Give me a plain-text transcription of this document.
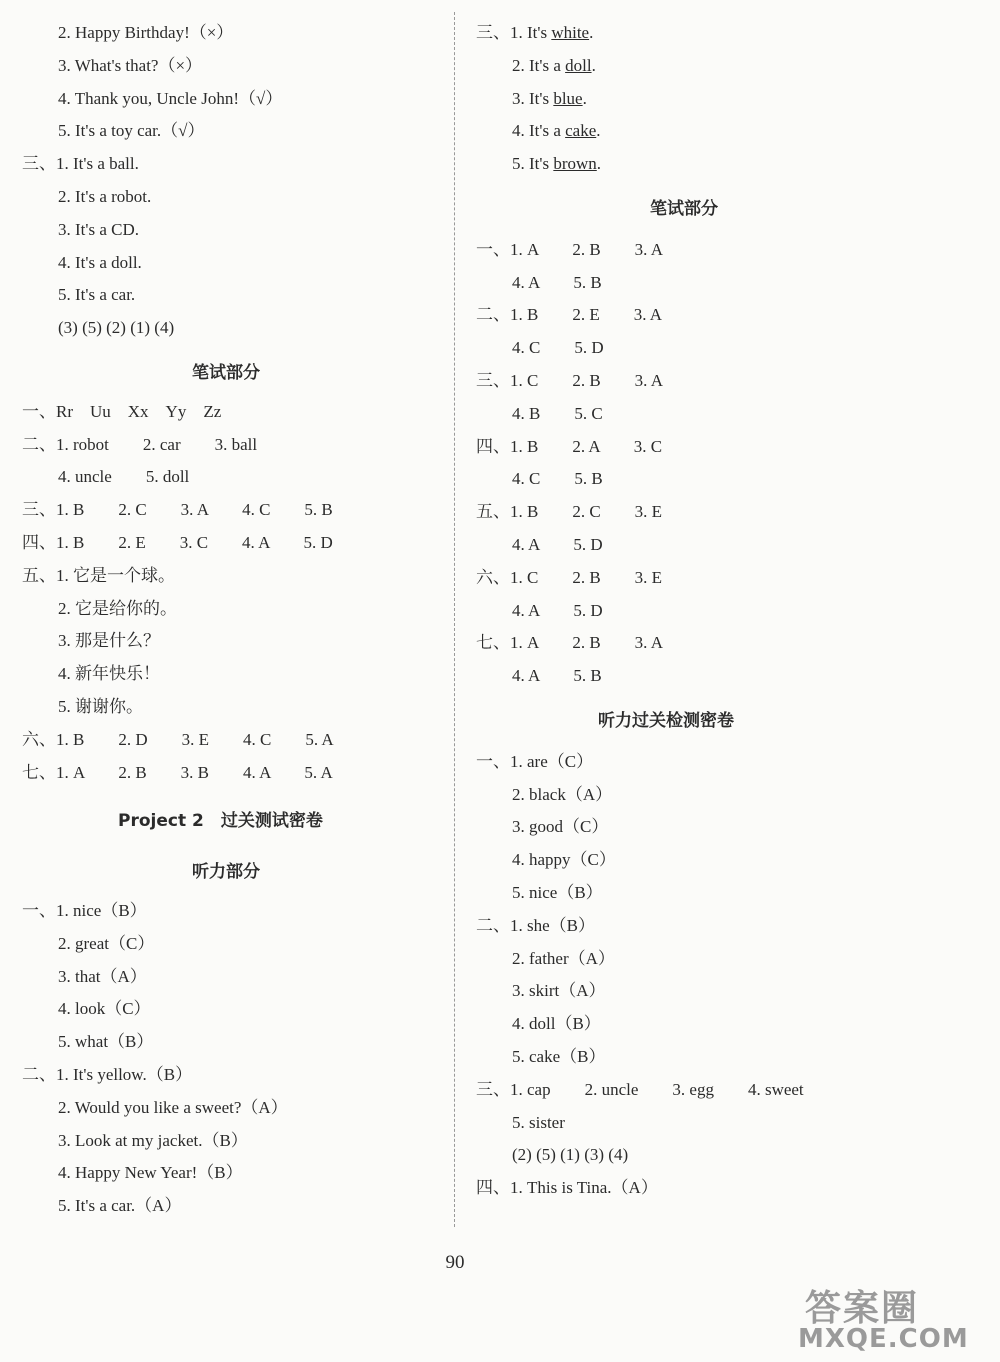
2. Happy Birthday!（×）
3. What's that?（×）
4. Thank you, Uncle John!（√）
5. It's a toy car.（√）
三、1. It's a ball.
2. It's a robot.
3. It's a CD.
4. It's a doll.
5. It's a car.
(3) (5) (2) (1) (4)
笔试部分
一、Rr　Uu　Xx　Yy　Zz
二、1. robot　　2. car　　3. ball
4. uncle　　5. doll
三、1. B　　2. C　　3. A　　4. C　　5. B
四、1. B　　2. E　　3. C　　4. A　　5. D
五、1. 它是一个球。
2. 它是给你的。
3. 那是什么？
4. 新年快乐！
5. 谢谢你。
六、1. B　　2. D　　3. E　　4. C　　5. A
七、1. A　　2. B　　3. B　　4. A　　5. A
Project 2　过关测试密卷
听力部分
一、1. nice（B）
2. great（C）
3. that（A）
4. look（C）
5. what（B）
二、1. It's yellow.（B）
2. Would you like a sweet?（A）
3. Look at my jacket.（B）
4. Happy New Year!（B）
5. It's a car.（A）
三、1. It's white.
2. It's a doll.
3. It's blue.
4. It's a cake.
5. It's brown.
笔试部分
一、1. A　　2. B　　3. A
4. A　　5. B
二、1. B　　2. E　　3. A
4. C　　5. D
三、1. C　　2. B　　3. A
4. B　　5. C
四、1. B　　2. A　　3. C
4. C　　5. B
五、1. B　　2. C　　3. E
4. A　　5. D
六、1. C　　2. B　　3. E
4. A　　5. D
七、1. A　　2. B　　3. A
4. A　　5. B
听力过关检测密卷
一、1. are（C）
2. black（A）
3. good（C）
4. happy（C）
5. nice（B）
二、1. she（B）
2. father（A）
3. skirt（A）
4. doll（B）
5. cake（B）
三、1. cap　　2. uncle　　3. egg　　4. sweet
5. sister
(2) (5) (1) (3) (4)
四、1. This is Tina.（A）
90
答案圈
MXQE.COM
